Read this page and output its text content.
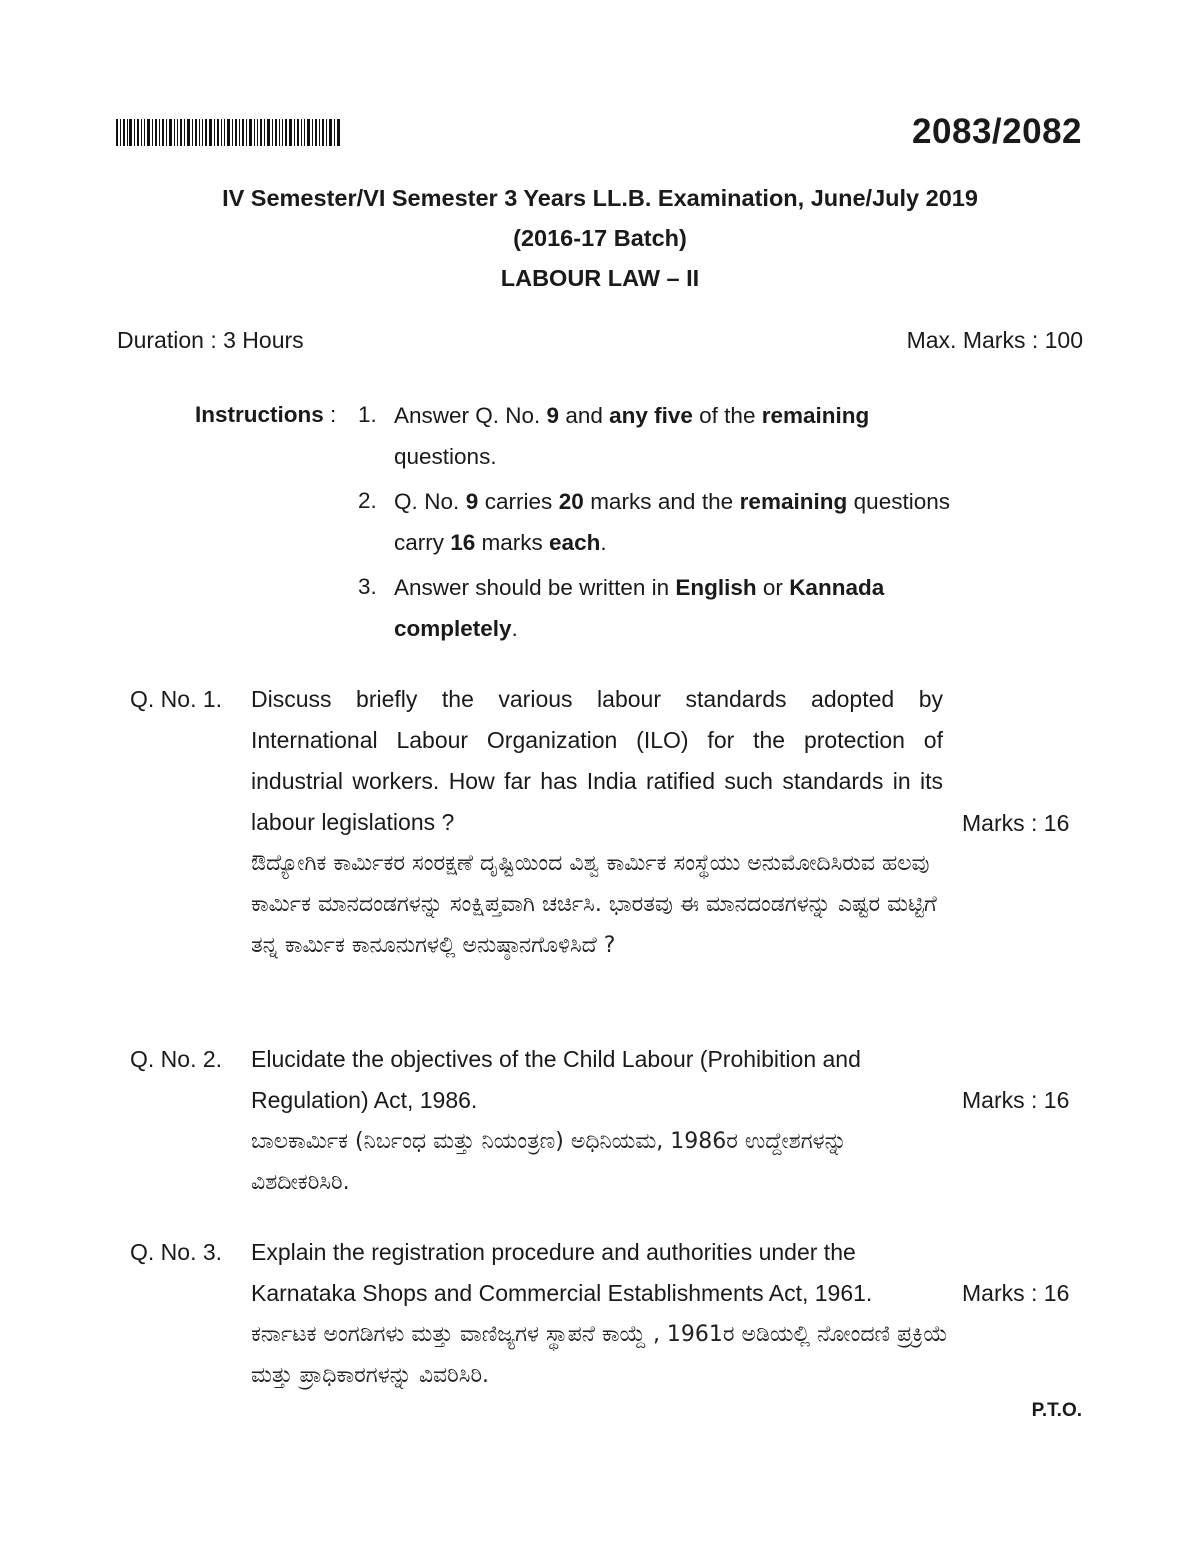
2083/2082
IV Semester/VI Semester 3 Years LL.B. Examination, June/July 2019
(2016-17 Batch)
LABOUR LAW – II
Duration : 3 Hours	Max. Marks : 100
Instructions : 1. Answer Q. No. 9 and any five of the remaining questions.
2. Q. No. 9 carries 20 marks and the remaining questions carry 16 marks each.
3. Answer should be written in English or Kannada completely.
Q. No. 1. Discuss briefly the various labour standards adopted by International Labour Organization (ILO) for the protection of industrial workers. How far has India ratified such standards in its labour legislations ?	Marks : 16
ಔದ್ಯೋಗಿಕ ಕಾರ್ಮಿಕರ ಸಂರಕ್ಷಣೆ ದೃಷ್ಟಿಯಿಂದ ವಿಶ್ವ ಕಾರ್ಮಿಕ ಸಂಸ್ಥೆಯು ಅನುಮೋದಿಸಿರುವ ಹಲವು ಕಾರ್ಮಿಕ ಮಾನದಂಡಗಳನ್ನು ಸಂಕ್ಷಿಪ್ತವಾಗಿ ಚರ್ಚಿಸಿ. ಭಾರತವು ಈ ಮಾನದಂಡಗಳನ್ನು ಎಷ್ಟರ ಮಟ್ಟಿಗೆ ತನ್ನ ಕಾರ್ಮಿಕ ಕಾನೂನುಗಳಲ್ಲಿ ಅನುಷ್ಠಾನಗೊಳಿಸಿದೆ ?
Q. No. 2. Elucidate the objectives of the Child Labour (Prohibition and Regulation) Act, 1986.	Marks : 16
ಬಾಲಕಾರ್ಮಿಕ (ನಿರ್ಬಂಧ ಮತ್ತು ನಿಯಂತ್ರಣ) ಅಧಿನಿಯಮ, 1986ರ ಉದ್ದೇಶಗಳನ್ನು ವಿಶದೀಕರಿಸಿರಿ.
Q. No. 3. Explain the registration procedure and authorities under the Karnataka Shops and Commercial Establishments Act, 1961.	Marks : 16
ಕರ್ನಾಟಕ ಅಂಗಡಿಗಳು ಮತ್ತು ವಾಣಿಜ್ಯಗಳ ಸ್ಥಾಪನೆ ಕಾಯ್ದೆ , 1961ರ ಅಡಿಯಲ್ಲಿ ನೋಂದಣಿ ಪ್ರಕ್ರಿಯೆ ಮತ್ತು ಪ್ರಾಧಿಕಾರಗಳನ್ನು ವಿವರಿಸಿರಿ.
P.T.O.
